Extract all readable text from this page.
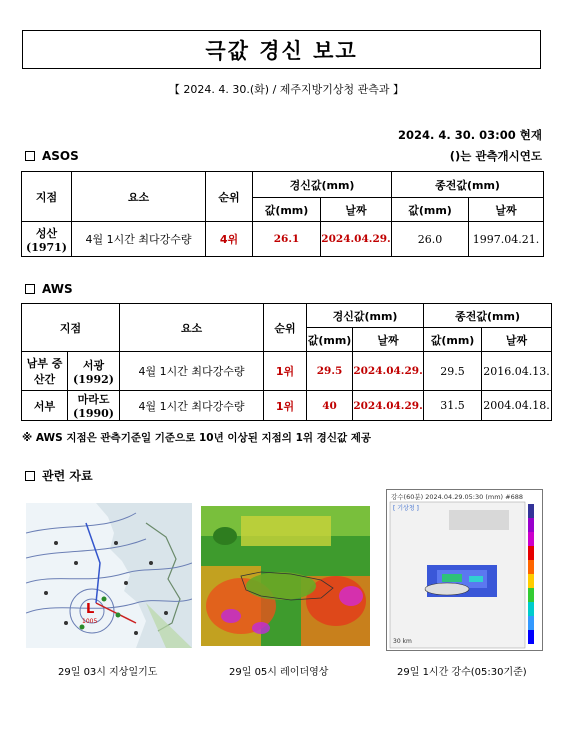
극값 경신 보고
【 2024. 4. 30.(화) / 제주지방기상청 관측과 】
2024. 4. 30. 03:00 현재
ASOS	()는 관측개시연도
지점	요소	순위	경신값(mm)		종전값(mm)	
			값(mm)	날짜	값(mm)	날짜

성산
(1971)	4월 1시간 최다강수량	4위	26.1	2024.04.29.	26.0	1997.04.21.
AWS
지점		요소	순위	경신값(mm)		종전값(mm)	
				값(mm)	날짜	값(mm)	날짜
남부 중산간	서광
(1992)	4월 1시간 최다강수량	1위	29.5	2024.04.29.	29.5	2016.04.13.
서부	마라도
(1990)	4월 1시간 최다강수량	1위	40	2024.04.29.	31.5	2004.04.18.
※ AWS 지점은 관측기준일 기준으로 10년 이상된 지점의 1위 경신값 제공
관련 자료
L
1005
강수(60분) 2024.04.29.05:30 (mm) #688
[ 기상청 ]
30 km
29일 03시 지상일기도	29일 05시 레이더영상	29일 1시간 강수(05:30기준)
